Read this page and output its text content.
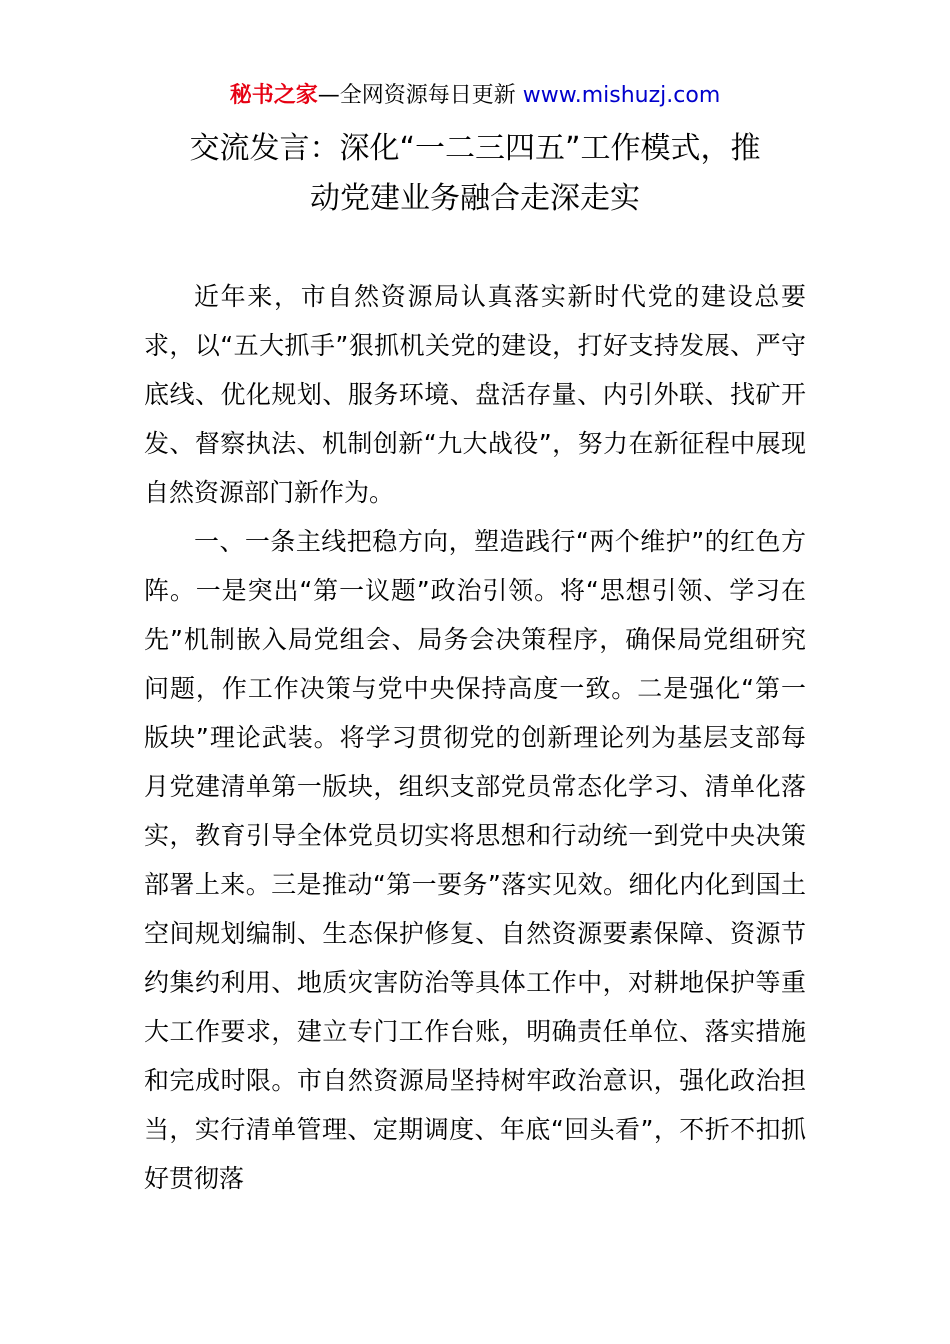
秘书之家—全网资源每日更新 www.mishuzj.com
交流发言：深化“一二三四五”工作模式，推
动党建业务融合走深走实

近年来，市自然资源局认真落实新时代党的建设总要求，以“五大抓手”狠抓机关党的建设，打好支持发展、严守底线、优化规划、服务环境、盘活存量、内引外联、找矿开发、督察执法、机制创新“九大战役”，努力在新征程中展现自然资源部门新作为。

一、一条主线把稳方向，塑造践行“两个维护”的红色方阵。一是突出“第一议题”政治引领。将“思想引领、学习在先”机制嵌入局党组会、局务会决策程序，确保局党组研究问题，作工作决策与党中央保持高度一致。二是强化“第一版块”理论武装。将学习贯彻党的创新理论列为基层支部每月党建清单第一版块，组织支部党员常态化学习、清单化落实，教育引导全体党员切实将思想和行动统一到党中央决策部署上来。三是推动“第一要务”落实见效。细化内化到国土空间规划编制、生态保护修复、自然资源要素保障、资源节约集约利用、地质灾害防治等具体工作中，对耕地保护等重大工作要求，建立专门工作台账，明确责任单位、落实措施和完成时限。市自然资源局坚持树牢政治意识，强化政治担当，实行清单管理、定期调度、年底“回头看”，不折不扣抓好贯彻落
